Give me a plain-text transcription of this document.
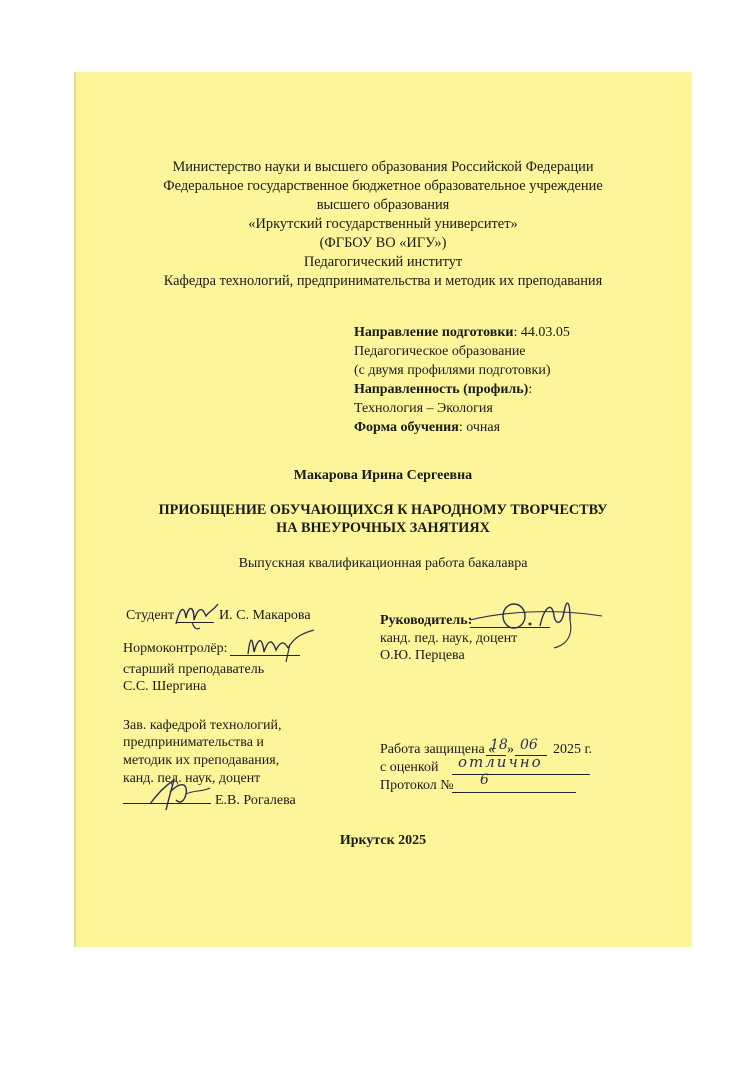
Министерство науки и высшего образования Российской Федерации
Федеральное государственное бюджетное образовательное учреждение
высшего образования
«Иркутский государственный университет»
(ФГБОУ ВО «ИГУ»)
Педагогический институт
Кафедра технологий, предпринимательства и методик их преподавания
Направление подготовки: 44.03.05
Педагогическое образование
(с двумя профилями подготовки)
Направленность (профиль):
Технология – Экология
Форма обучения: очная
Макарова Ирина Сергеевна
ПРИОБЩЕНИЕ ОБУЧАЮЩИХСЯ К НАРОДНОМУ ТВОРЧЕСТВУ
НА ВНЕУРОЧНЫХ ЗАНЯТИЯХ
Выпускная квалификационная работа бакалавра
Студент	И. С. Макарова
Нормоконтролёр:
старший преподаватель
С.С. Шергина
Руководитель:
канд. пед. наук, доцент
О.Ю. Перцева
Зав. кафедрой технологий,
предпринимательства и
методик их преподавания,
канд. пед. наук, доцент
Е.В. Рогалева
Работа защищена «
18 » 06 2025 г.
с оценкой отлично
Протокол № 6
Иркутск 2025
